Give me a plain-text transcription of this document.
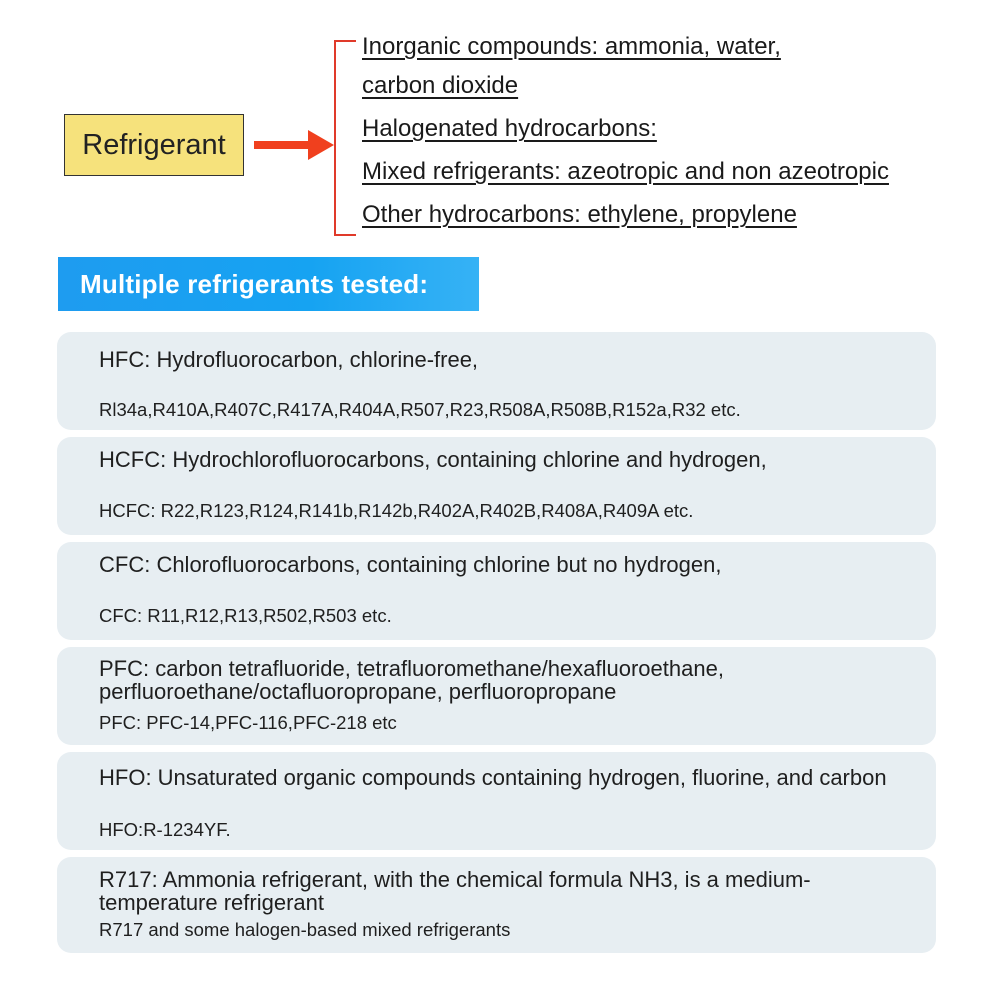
Refrigerant
Inorganic compounds: ammonia, water,
carbon dioxide
Halogenated hydrocarbons:
Mixed refrigerants: azeotropic and non azeotropic
Other hydrocarbons: ethylene, propylene
Multiple refrigerants tested:
HFC: Hydrofluorocarbon, chlorine-free,
Rl34a,R410A,R407C,R417A,R404A,R507,R23,R508A,R508B,R152a,R32 etc.
HCFC: Hydrochlorofluorocarbons, containing chlorine and hydrogen,
HCFC: R22,R123,R124,R141b,R142b,R402A,R402B,R408A,R409A etc.
CFC: Chlorofluorocarbons, containing chlorine but no hydrogen,
CFC: R11,R12,R13,R502,R503 etc.
PFC: carbon tetrafluoride, tetrafluoromethane/hexafluoroethane, perfluoroethane/octafluoropropane, perfluoropropane
PFC: PFC-14,PFC-116,PFC-218 etc
HFO: Unsaturated organic compounds containing hydrogen, fluorine, and carbon
HFO:R-1234YF.
R717: Ammonia refrigerant, with the chemical formula NH3, is a medium-temperature refrigerant
R717 and some halogen-based mixed refrigerants
